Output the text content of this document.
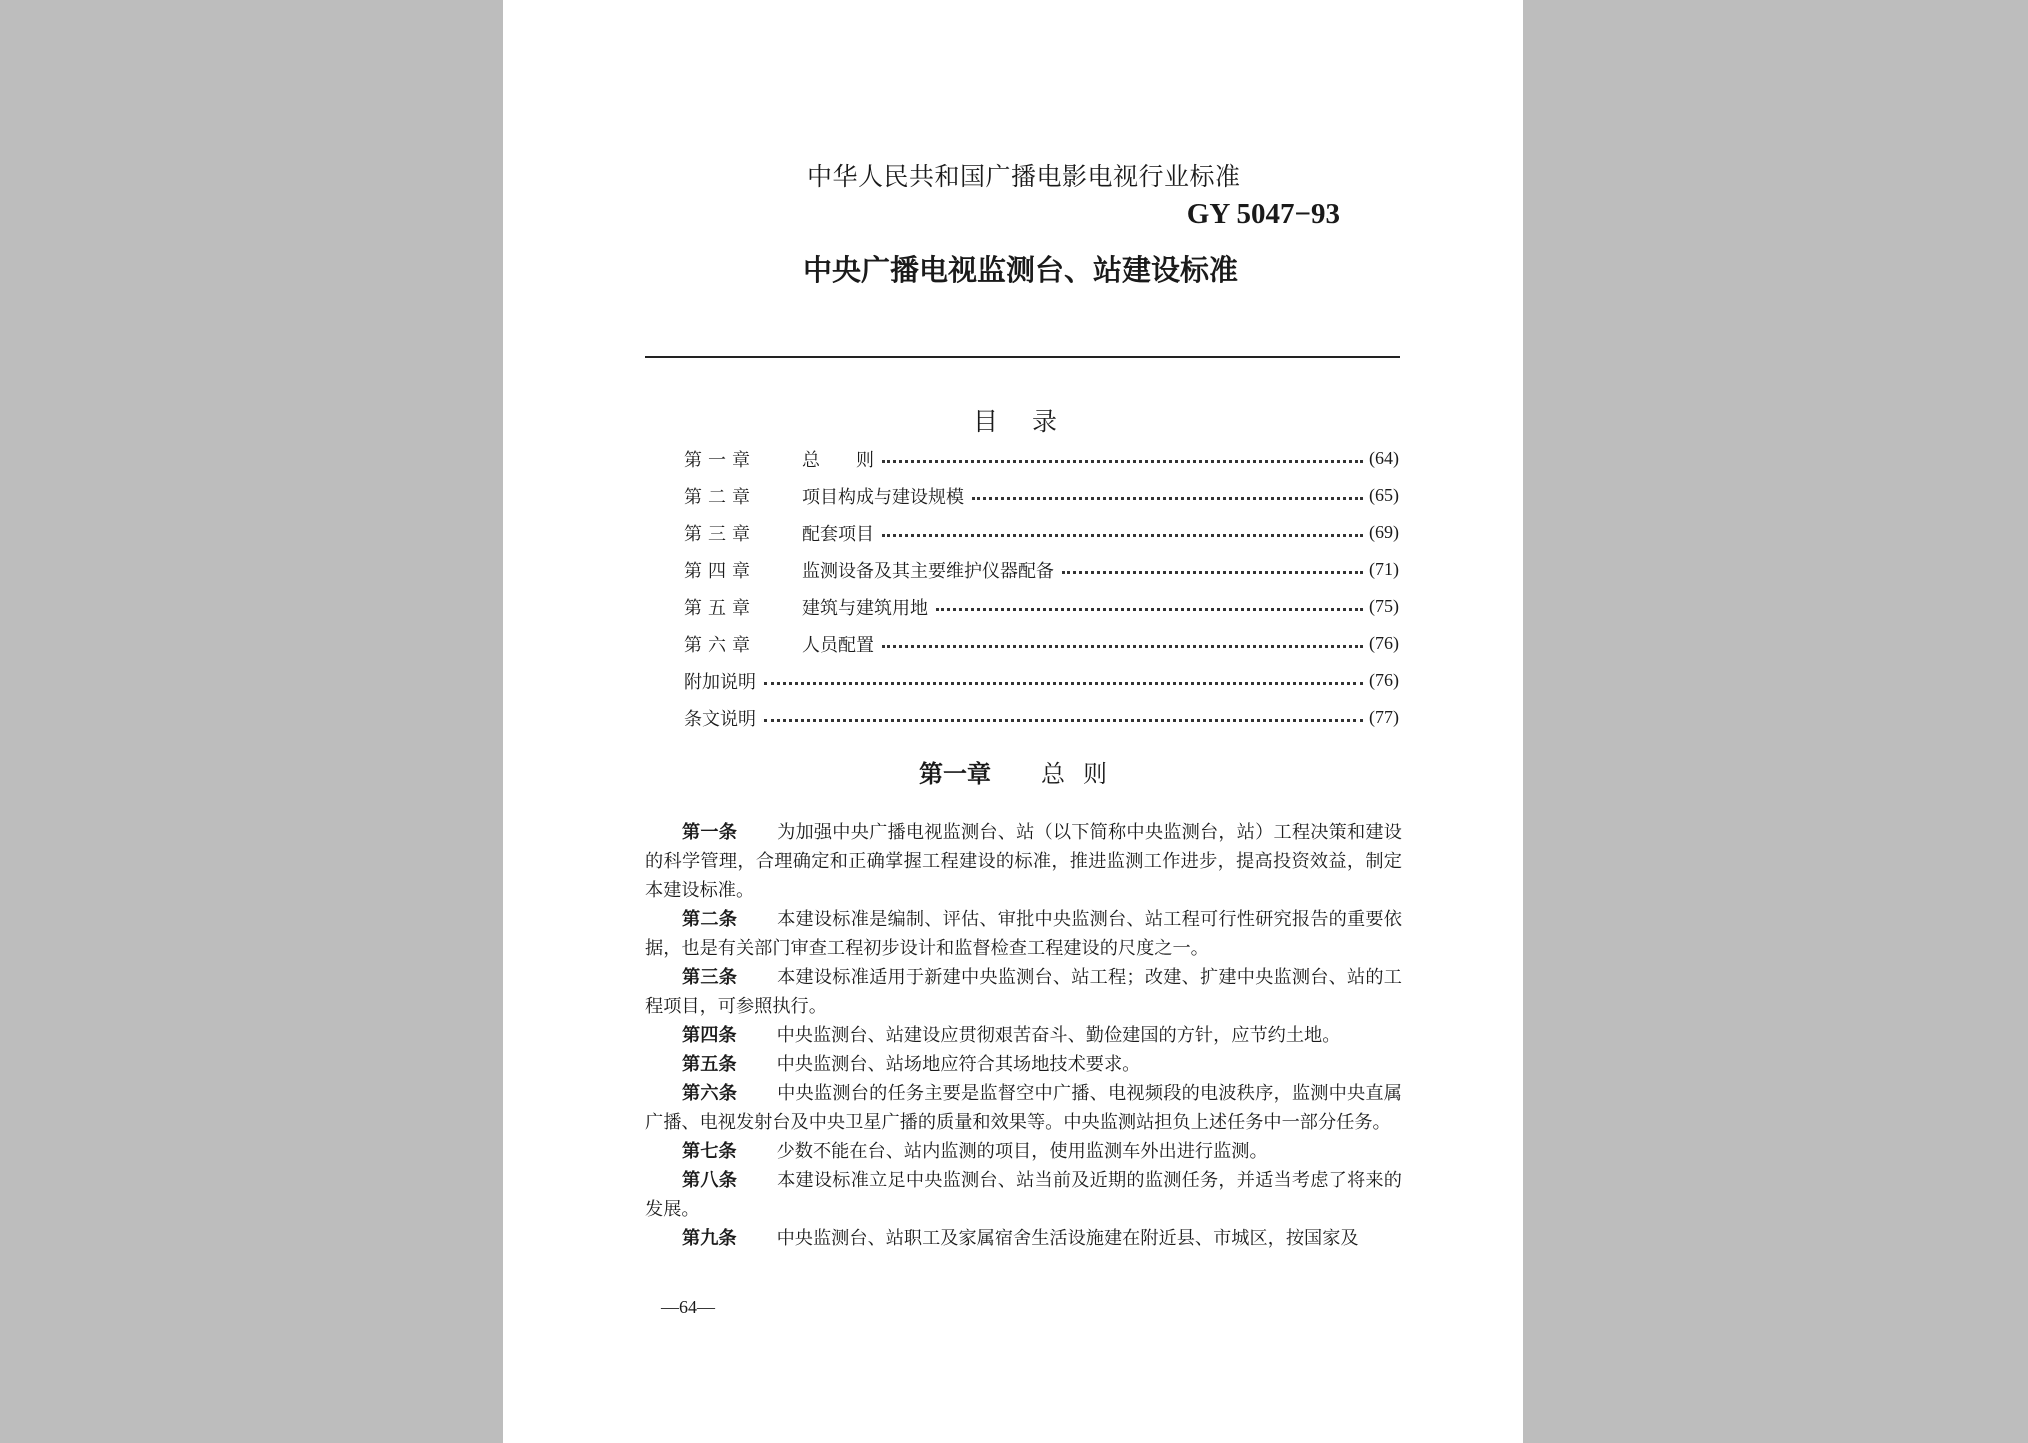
中华人民共和国广播电影电视行业标准
GY 5047−93
中央广播电视监测台、站建设标准
目录
第一章	总　　则	(64)
第二章	项目构成与建设规模	(65)
第三章	配套项目	(69)
第四章	监测设备及其主要维护仪器配备	(71)
第五章	建筑与建筑用地	(75)
第六章	人员配置	(76)
附加说明	(76)
条文说明	(77)
第一章 总则

第一条 为加强中央广播电视监测台、站（以下简称中央监测台，站）工程决策和建设的科学管理，合理确定和正确掌握工程建设的标准，推进监测工作进步，提高投资效益，制定本建设标准。

第二条 本建设标准是编制、评估、审批中央监测台、站工程可行性研究报告的重要依据，也是有关部门审查工程初步设计和监督检查工程建设的尺度之一。

第三条 本建设标准适用于新建中央监测台、站工程；改建、扩建中央监测台、站的工程项目，可参照执行。

第四条 中央监测台、站建设应贯彻艰苦奋斗、勤俭建国的方针，应节约土地。

第五条 中央监测台、站场地应符合其场地技术要求。

第六条 中央监测台的任务主要是监督空中广播、电视频段的电波秩序，监测中央直属广播、电视发射台及中央卫星广播的质量和效果等。中央监测站担负上述任务中一部分任务。

第七条 少数不能在台、站内监测的项目，使用监测车外出进行监测。

第八条 本建设标准立足中央监测台、站当前及近期的监测任务，并适当考虑了将来的发展。

第九条 中央监测台、站职工及家属宿舍生活设施建在附近县、市城区，按国家及

—64—
